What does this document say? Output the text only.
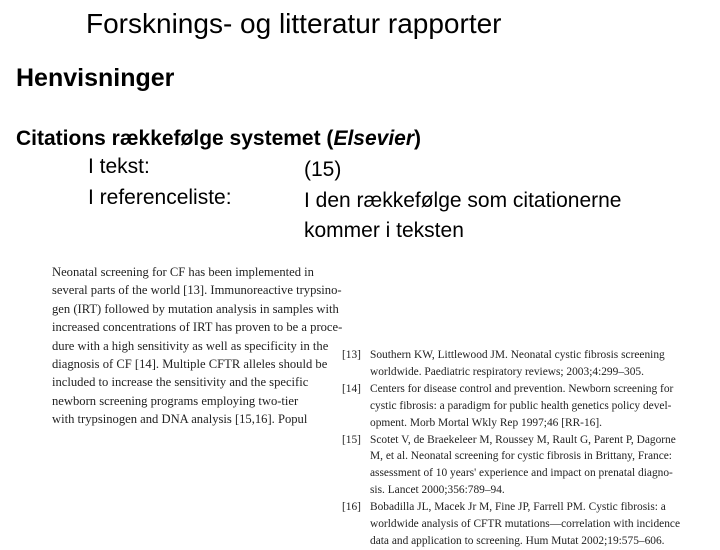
Forsknings- og litteratur rapporter
Henvisninger
Citations rækkefølge systemet (Elsevier)
I tekst:	(15)
I referenceliste:	I den rækkefølge som citationerne
kommer i teksten
Neonatal screening for CF has been implemented in
several parts of the world [13]. Immunoreactive trypsino-
gen (IRT) followed by mutation analysis in samples with
increased concentrations of IRT has proven to be a proce-
dure with a high sensitivity as well as specificity in the
diagnosis of CF [14]. Multiple CFTR alleles should be
included to increase the sensitivity and the specific
newborn screening programs employing two-tier
with trypsinogen and DNA analysis [15,16]. Popul
[13] Southern KW, Littlewood JM. Neonatal cystic fibrosis screening
worldwide. Paediatric respiratory reviews; 2003;4:299–305.
[14] Centers for disease control and prevention. Newborn screening for
cystic fibrosis: a paradigm for public health genetics policy devel-
opment. Morb Mortal Wkly Rep 1997;46 [RR-16].
[15] Scotet V, de Braekeleer M, Roussey M, Rault G, Parent P, Dagorne
M, et al. Neonatal screening for cystic fibrosis in Brittany, France:
assessment of 10 years' experience and impact on prenatal diagno-
sis. Lancet 2000;356:789–94.
[16] Bobadilla JL, Macek Jr M, Fine JP, Farrell PM. Cystic fibrosis: a
worldwide analysis of CFTR mutations—correlation with incidence
data and application to screening. Hum Mutat 2002;19:575–606.
